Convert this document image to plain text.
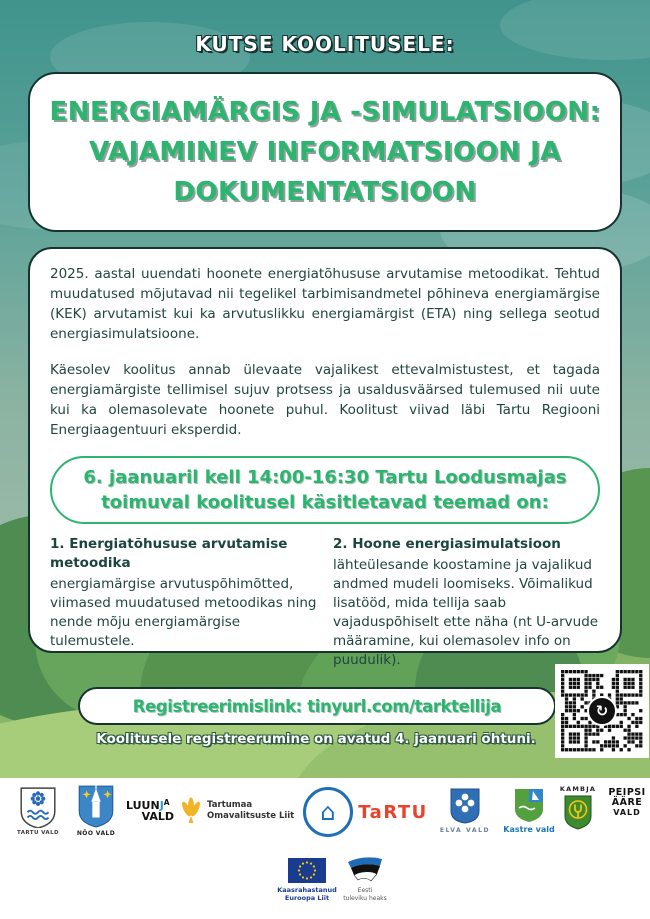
KUTSE KOOLITUSELE:
ENERGIAMÄRGIS JA -SIMULATSIOON:
VAJAMINEV INFORMATSIOON JA
DOKUMENTATSIOON

2025. aastal uuendati hoonete energiatõhususe arvutamise metoodikat. Tehtud muudatused mõjutavad nii tegelikel tarbimisandmetel põhineva energiamärgise (KEK) arvutamist kui ka arvutuslikku energiamärgist (ETA) ning sellega seotud energiasimulatsioone.

Käesolev koolitus annab ülevaate vajalikest ettevalmistustest, et tagada energiamärgiste tellimisel sujuv protsess ja usaldusväärsed tulemused nii uute kui ka olemasolevate hoonete puhul. Koolitust viivad läbi Tartu Regiooni Energiaagentuuri eksperdid.

6. jaanuaril kell 14:00-16:30 Tartu Loodusmajas toimuval koolitusel käsitletavad teemad on:
1. Energiatõhususe arvutamise metoodika
energiamärgise arvutuspõhimõtted, viimased muudatused metoodikas ning nende mõju energiamärgise tulemustele.
2. Hoone energiasimulatsioon
lähteülesande koostamine ja vajalikud andmed mudeli loomiseks. Võimalikud lisatööd, mida tellija saab vajaduspõhiselt ette näha (nt U-arvude määramine, kui olemasolev info on puudulik).
Registreerimislink: tinyurl.com/tarktellija
Koolitusele registreerumine on avatud 4. jaanuari õhtuni.
↻
TARTU VALD	NÕO VALD
$LUUNJ^A$
VALD
Tartumaa
Omavalitsuste Liit ⌂ TaRTU
ELVA VALD Kastre vald
KAMBJA PEIPSI
ÄÄRE
VALD
Kaasrahastanud
Euroopa Liit
Eesti
tuleviku heaks
